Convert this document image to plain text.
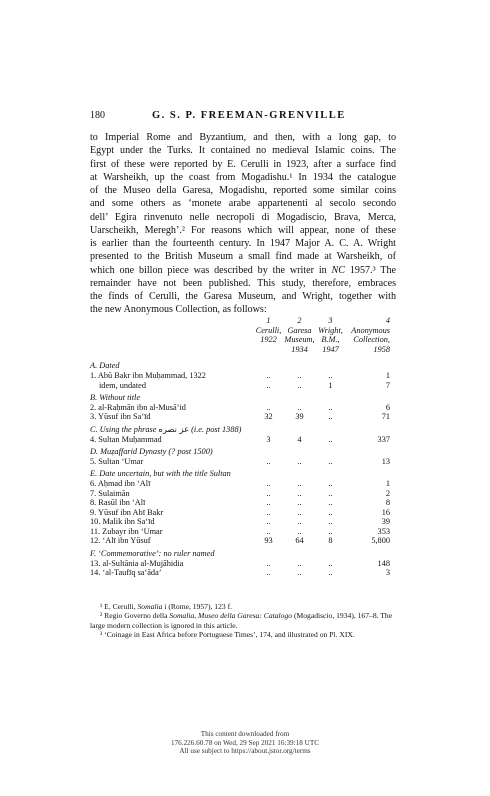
180	G. S. P. FREEMAN-GRENVILLE
to Imperial Rome and Byzantium, and then, with a long gap, to
Egypt under the Turks. It contained no medieval Islamic coins. The
first of these were reported by E. Cerulli in 1923, after a surface find
at Warsheikh, up the coast from Mogadishu.¹ In 1934 the catalogue
of the Museo della Garesa, Mogadishu, reported some similar coins
and some others as ‘monete arabe appartenenti al secolo secondo
dell’ Egira rinvenuto nelle necropoli di Mogadiscio, Brava, Merca,
Uarscheikh, Meregh’.² For reasons which will appear, none of these
is earlier than the fourteenth century. In 1947 Major A. C. A. Wright
presented to the British Museum a small find made at Warsheikh, of
which one billon piece was described by the writer in NC 1957.³ The
remainder have not been published. This study, therefore, embraces
the finds of Cerulli, the Garesa Museum, and Wright, together with
the new Anonymous Collection, as follows:
	1	2	3	4
	Cerulli,	Garesa	Wright,	Anonymous
	1922	Museum,	B.M.,	Collection,
		1934	1947	1958

A. Dated				
1. Abū Bakr ibn Muḥammad, 1322	..	..	..	1
idem, undated	..	..	1	7
B. Without title				
2. al-Raḥmān ibn al-Musā’id	..	..	..	6
3. Yūsuf ibn Sa‘īd	32	39	..	71
C. Using the phrase عز نصره (i.e. post 1388)				
4. Sultan Muḥammad	3	4	..	337
D. Muẓaffarid Dynasty (? post 1500)				
5. Sultan ‘Umar	..	..	..	13
E. Date uncertain, but with the title Sultan				
6. Aḥmad ibn ‘Alī	..	..	..	1
7. Sulaimān	..	..	..	2
8. Rasūl ibn ‘Alī	..	..	..	8
9. Yūsuf ibn Abī Bakr	..	..	..	16
10. Malik ibn Sa‘īd	..	..	..	39
11. Zubayr ibn ‘Umar	..	..	..	353
12. ‘Alī ibn Yūsuf	93	64	8	5,800
F. ‘Commemorative’: no ruler named				
13. al-Sultānia al-Mujāhidia	..	..	..	148
14. ‘al-Taufīq sa‘āda’	..	..	..	3

¹ E. Cerulli, Somalia i (Rome, 1957), 123 f.

² Regio Governo della Somalia, Museo della Garesa: Catalogo (Mogadiscio, 1934), 167–8. The large modern collection is ignored in this article.

³ ‘Coinage in East Africa before Portuguese Times’, 174, and illustrated on Pl. XIX.

This content downloaded from
176.226.60.78 on Wed, 29 Sep 2021 16:39:18 UTC
All use subject to https://about.jstor.org/terms
